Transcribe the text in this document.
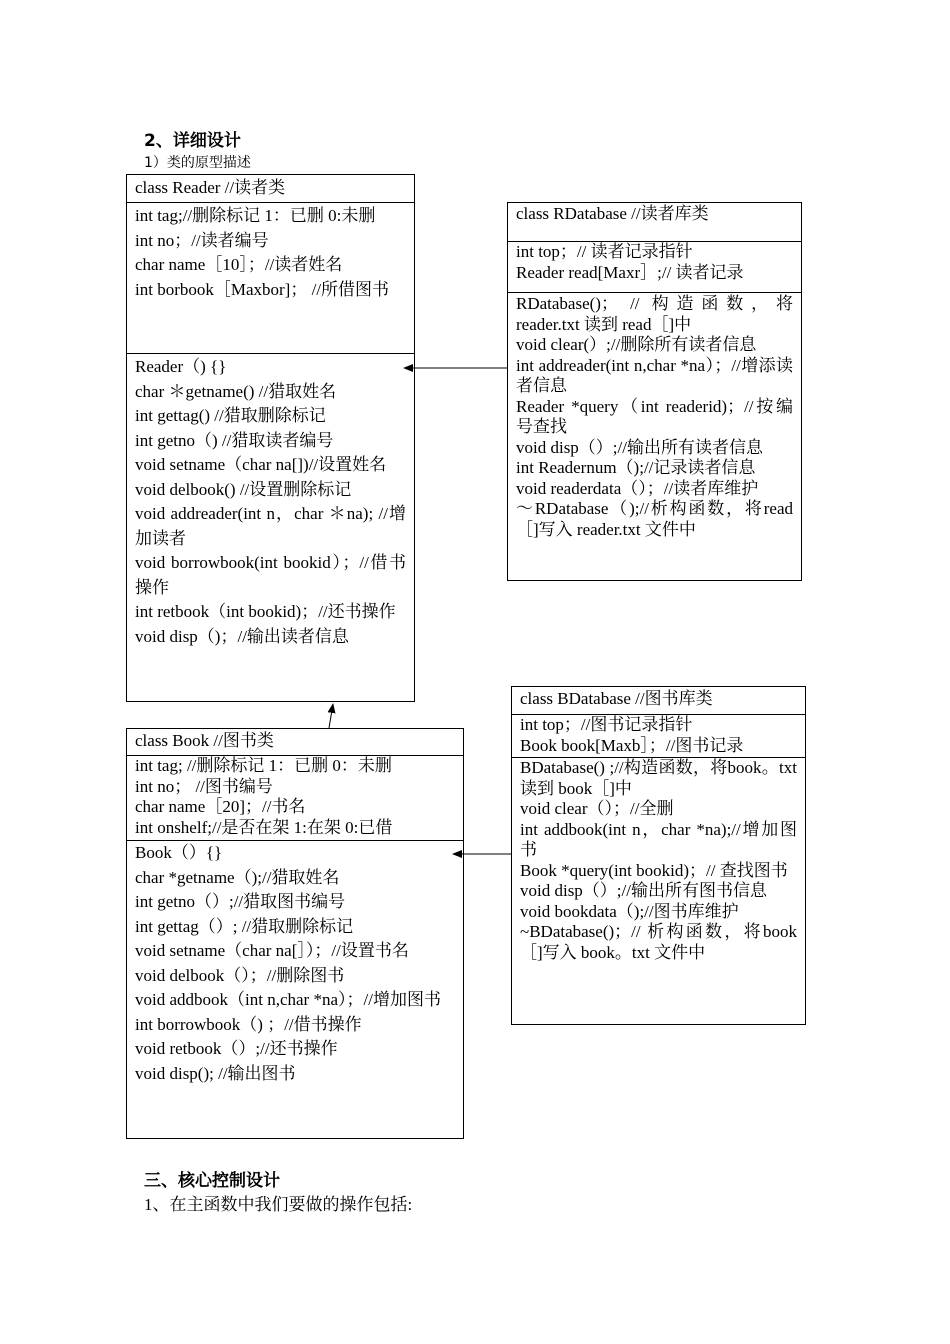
2、详细设计
1）类的原型描述

class Reader //读者类

int tag;//删除标记 1：已删 0:未删

int no；//读者编号

char name［10］；//读者姓名

int borbook［Maxbor]； //所借图书

Reader（) {}

char ＊getname() //猎取姓名

int gettag() //猎取删除标记

int getno（) //猎取读者编号

void setname（char na[])//设置姓名

void delbook() //设置删除标记

void addreader(int n，char ＊na); //增加读者

void borrowbook(int bookid）；//借书操作

int retbook（int bookid)；//还书操作

void disp（)；//输出读者信息

class RDatabase //读者库类

int top；// 读者记录指针

Reader read[Maxr］;// 读者记录

RDatabase()； // 构造函数，将reader.txt 读到 read［]中

void clear(）;//删除所有读者信息

int addreader(int n,char *na）；//增添读者信息

Reader *query（int readerid)；//按编号查找

void disp（）;//输出所有读者信息

int Readernum（);//记录读者信息

void readerdata（）；//读者库维护

～RDatabase（);//析构函数，将read［]写入 reader.txt 文件中

class Book //图书类

int tag; //删除标记 1：已删 0：未删

int no； //图书编号

char name［20]；//书名

int onshelf;//是否在架 1:在架 0:已借

Book（）{}

char *getname（);//猎取姓名

int getno（）;//猎取图书编号

int gettag（）; //猎取删除标记

void setname（char na[］）；//设置书名

void delbook（）；//删除图书

void addbook（int n,char *na）；//增加图书

int borrowbook（) ；//借书操作

void retbook（）;//还书操作

void disp(); //输出图书

class BDatabase //图书库类

int top；//图书记录指针

Book book[Maxb］；//图书记录

BDatabase() ;//构造函数，将book。txt 读到 book［]中

void clear（）；//全删

int addbook(int n，char *na);//增加图书

Book *query(int bookid)；// 查找图书

void disp（）;//输出所有图书信息

void bookdata（);//图书库维护

~BDatabase()；// 析构函数，将book［]写入 book。txt 文件中

三、核心控制设计
1、在主函数中我们要做的操作包括:
